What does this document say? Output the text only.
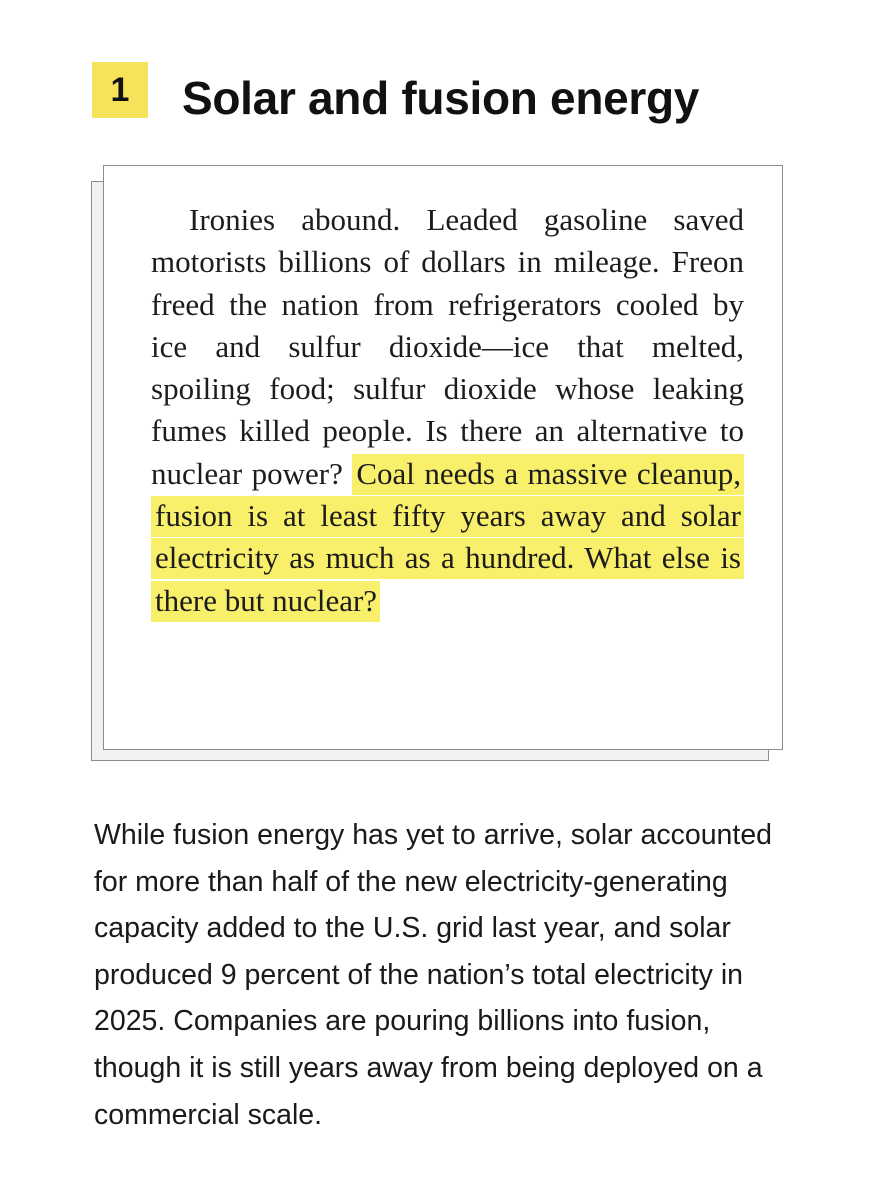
1	Solar and fusion energy

Ironies abound. Leaded gasoline saved motorists billions of dollars in mileage. Freon freed the nation from refrigerators cooled by ice and sulfur dioxide—ice that melted, spoiling food; sulfur dioxide whose leaking fumes killed people. Is there an alternative to nuclear power? Coal needs a massive cleanup, fusion is at least fifty years away and solar electricity as much as a hundred. What else is there but nuclear?

While fusion energy has yet to arrive, solar accounted for more than half of the new electricity-generating capacity added to the U.S. grid last year, and solar produced 9 percent of the nation’s total electricity in 2025. Companies are pouring billions into fusion, though it is still years away from being deployed on a commercial scale.
